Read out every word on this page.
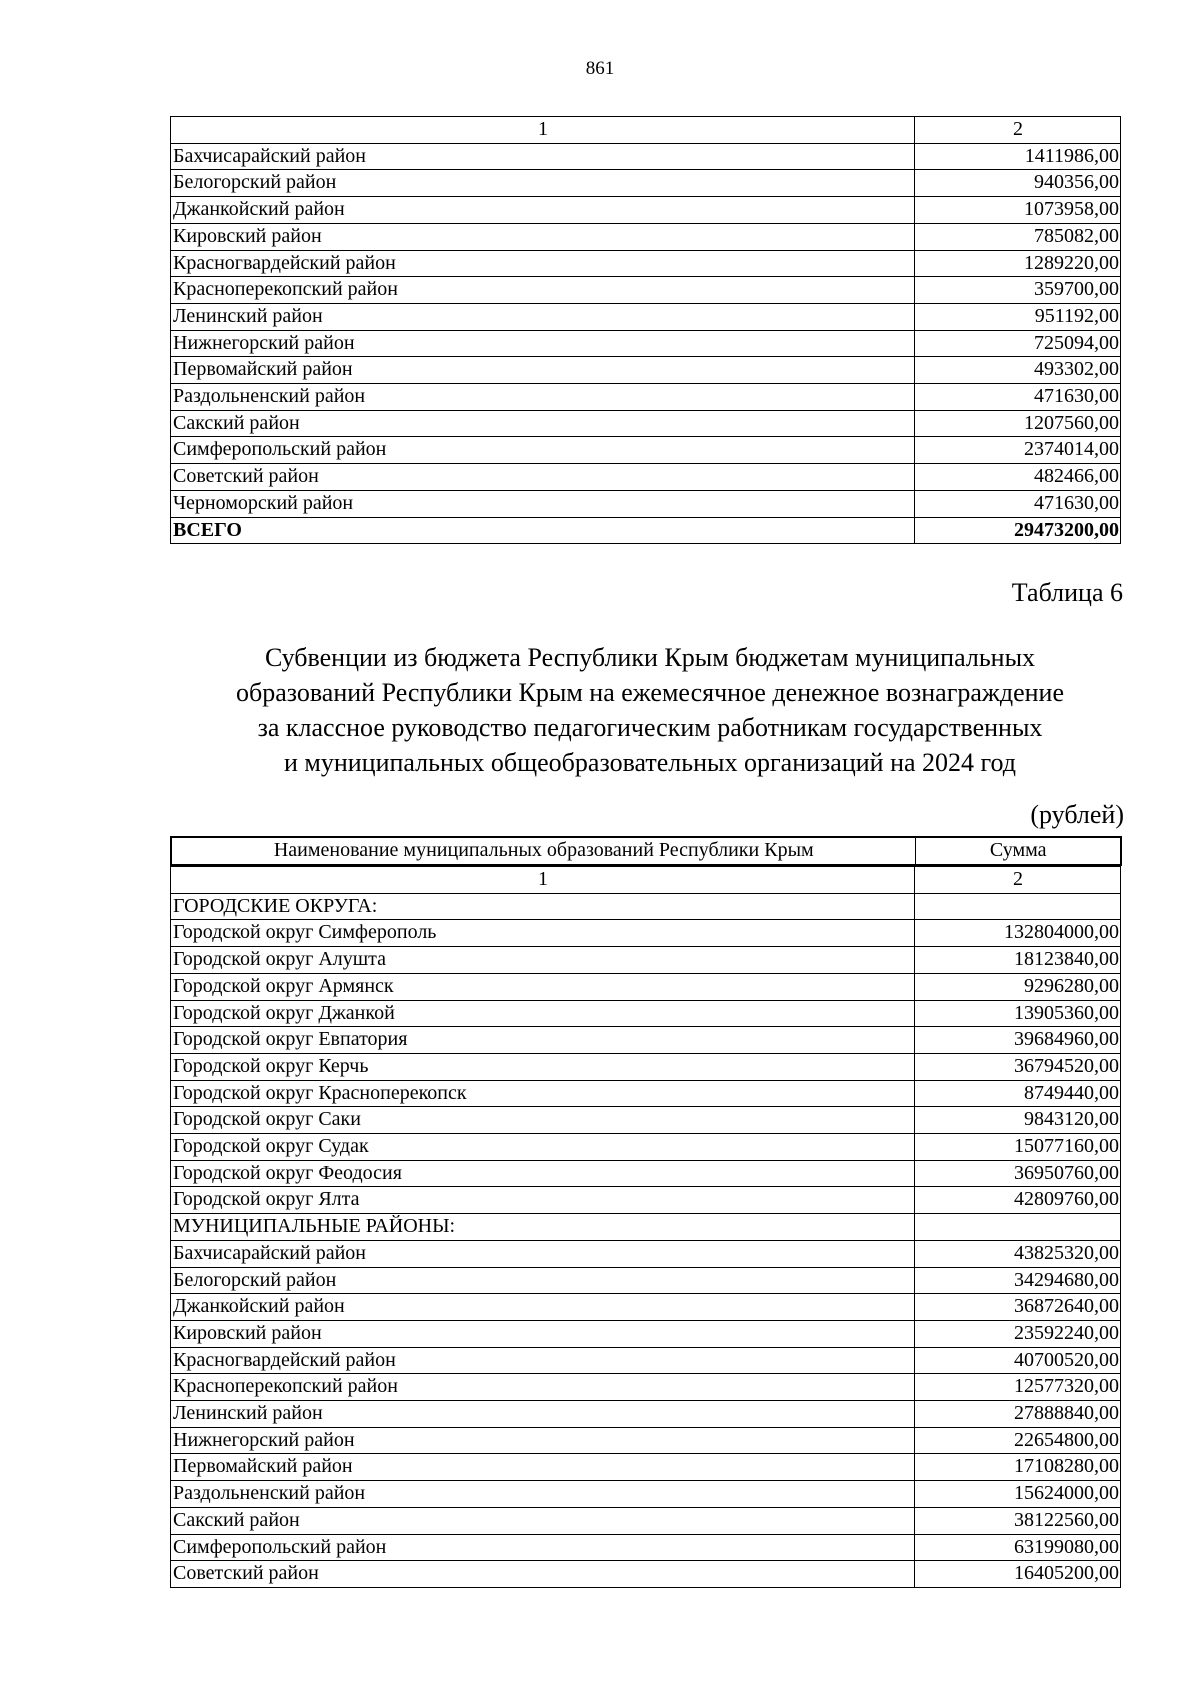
861
1	2
Бахчисарайский район	1411986,00
Белогорский район	940356,00
Джанкойский район	1073958,00
Кировский район	785082,00
Красногвардейский район	1289220,00
Красноперекопский район	359700,00
Ленинский район	951192,00
Нижнегорский район	725094,00
Первомайский район	493302,00
Раздольненский район	471630,00
Сакский район	1207560,00
Симферопольский район	2374014,00
Советский район	482466,00
Черноморский район	471630,00
ВСЕГО	29473200,00
Таблица 6
Субвенции из бюджета Республики Крым бюджетам муниципальных
образований Республики Крым на ежемесячное денежное вознаграждение
за классное руководство педагогическим работникам государственных
и муниципальных общеобразовательных организаций на 2024 год
(рублей)
Наименование муниципальных образований Республики Крым	Сумма
1	2
ГОРОДСКИЕ ОКРУГА:	
Городской округ Симферополь	132804000,00
Городской округ Алушта	18123840,00
Городской округ Армянск	9296280,00
Городской округ Джанкой	13905360,00
Городской округ Евпатория	39684960,00
Городской округ Керчь	36794520,00
Городской округ Красноперекопск	8749440,00
Городской округ Саки	9843120,00
Городской округ Судак	15077160,00
Городской округ Феодосия	36950760,00
Городской округ Ялта	42809760,00
МУНИЦИПАЛЬНЫЕ РАЙОНЫ:	
Бахчисарайский район	43825320,00
Белогорский район	34294680,00
Джанкойский район	36872640,00
Кировский район	23592240,00
Красногвардейский район	40700520,00
Красноперекопский район	12577320,00
Ленинский район	27888840,00
Нижнегорский район	22654800,00
Первомайский район	17108280,00
Раздольненский район	15624000,00
Сакский район	38122560,00
Симферопольский район	63199080,00
Советский район	16405200,00
